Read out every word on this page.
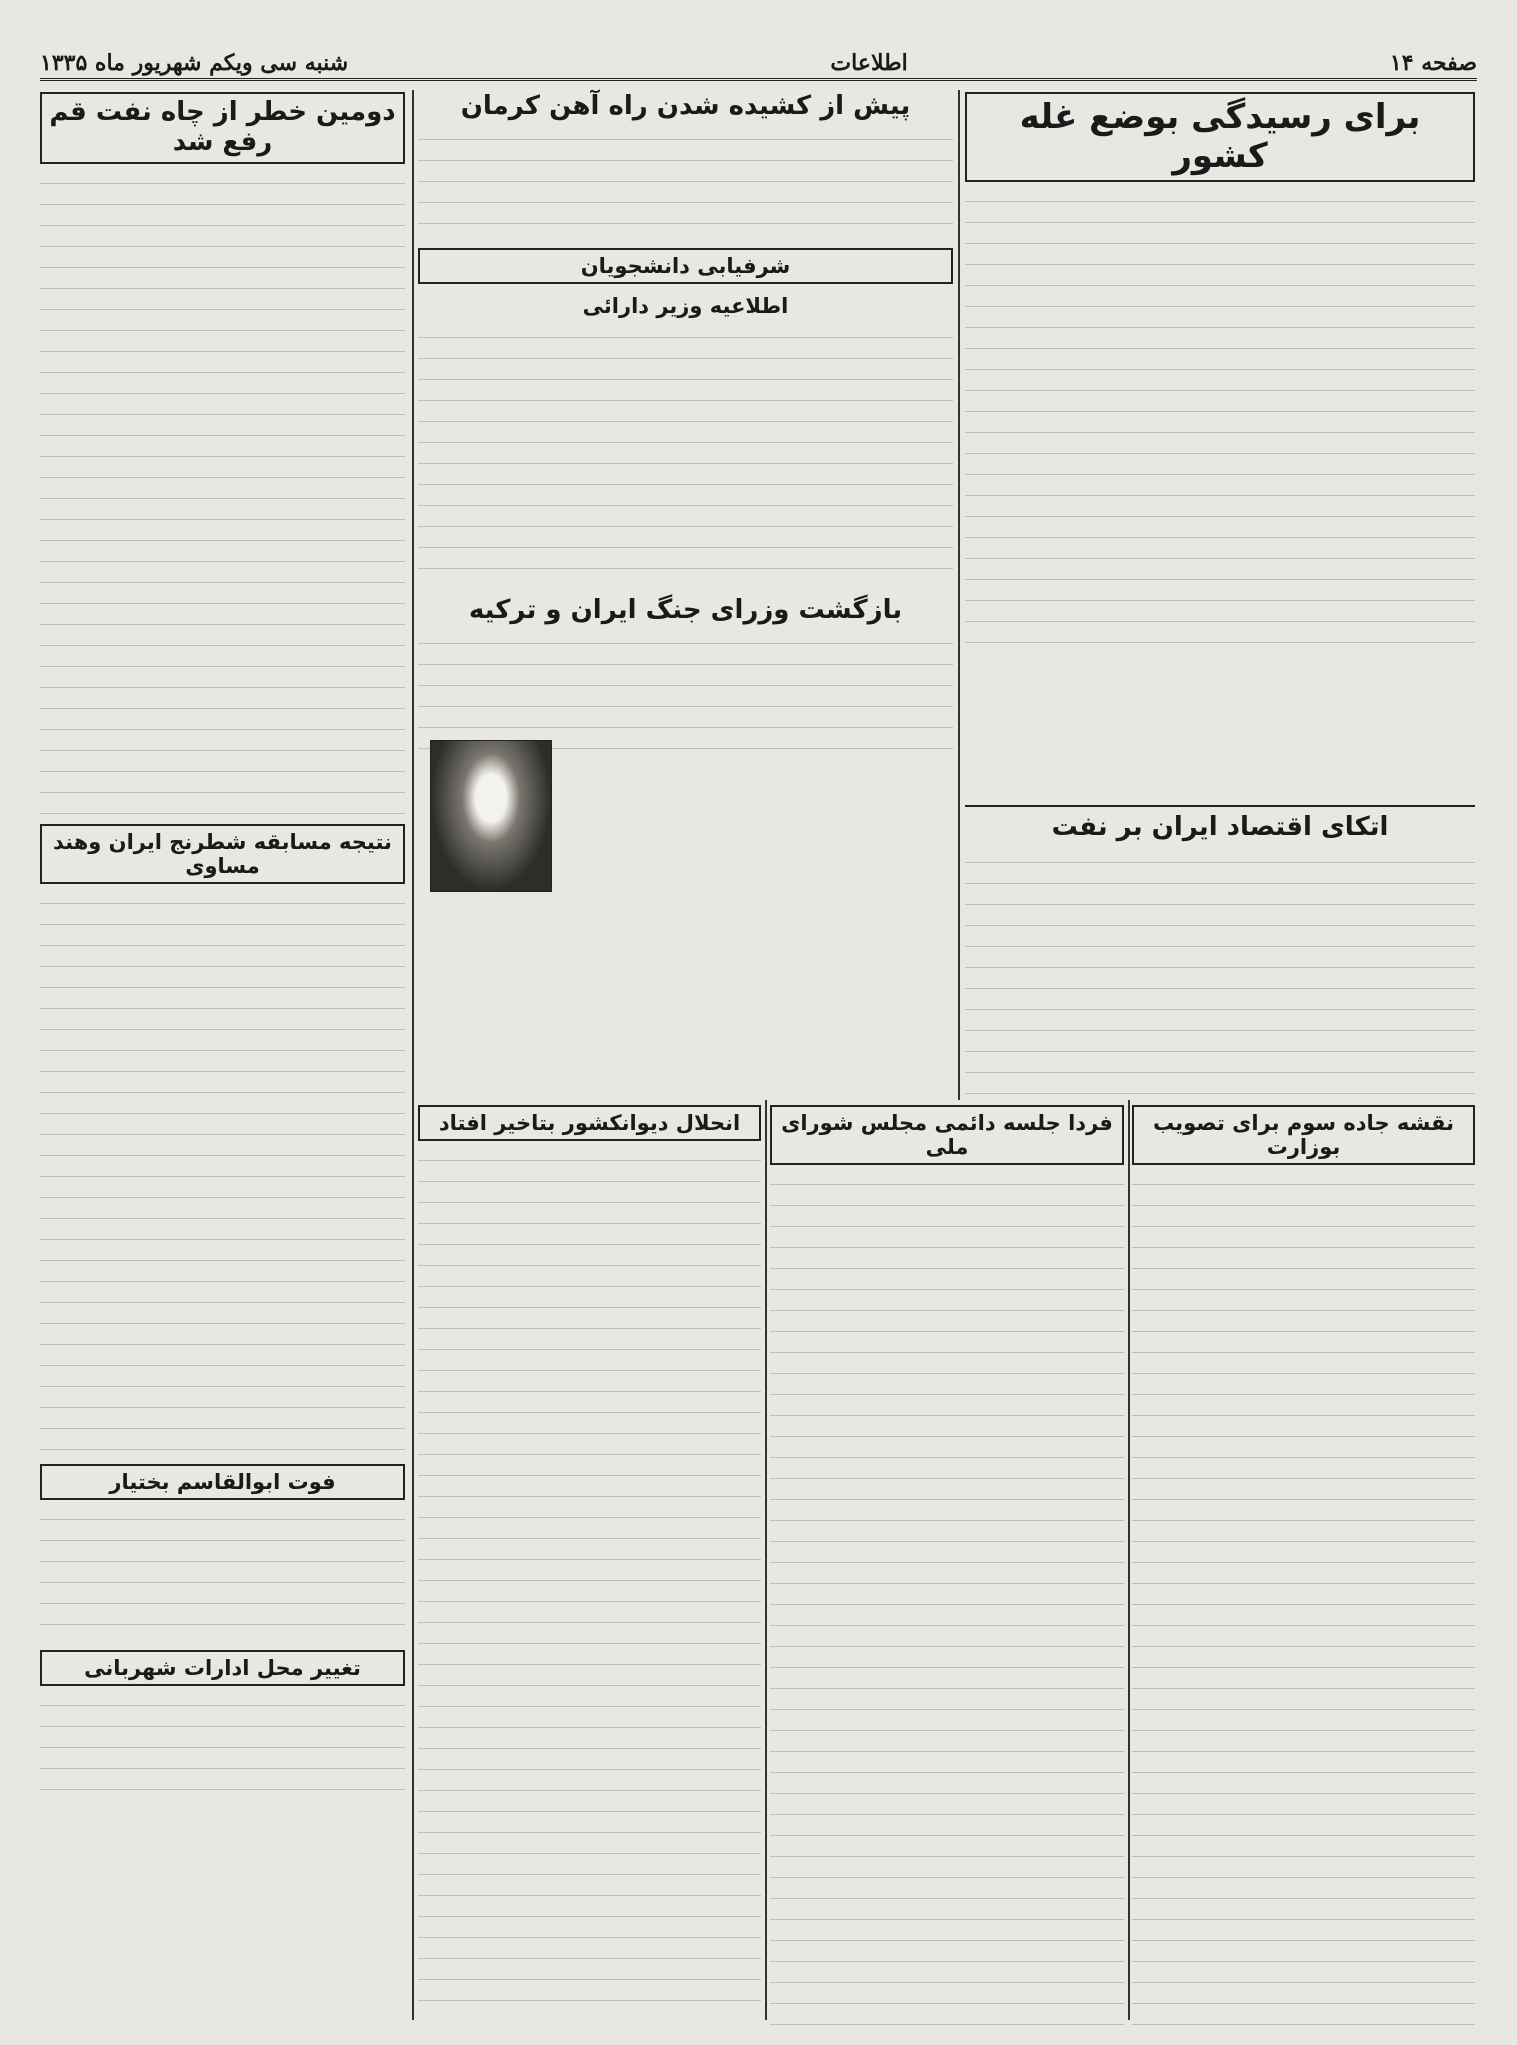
صفحه ۱۴
اطلاعات
شنبه سی ویکم شهریور ماه ۱۳۳۵
برای رسیدگی بوضع غله کشور
اتکای اقتصاد ایران بر نفت
نقشه جاده سوم برای تصویب بوزارت
پیش از کشیده شدن راه آهن کرمان
شرفیابی دانشجویان
اطلاعیه وزیر دارائی
بازگشت وزرای جنگ ایران و ترکیه
دومین خطر از چاه نفت قم رفع شد
نتیجه مسابقه شطرنج ایران وهند مساوی
فوت ابوالقاسم بختیار
تغییر محل ادارات شهربانی
انحلال دیوانکشور بتاخیر افتاد	فردا جلسه دائمی مجلس شورای ملی
